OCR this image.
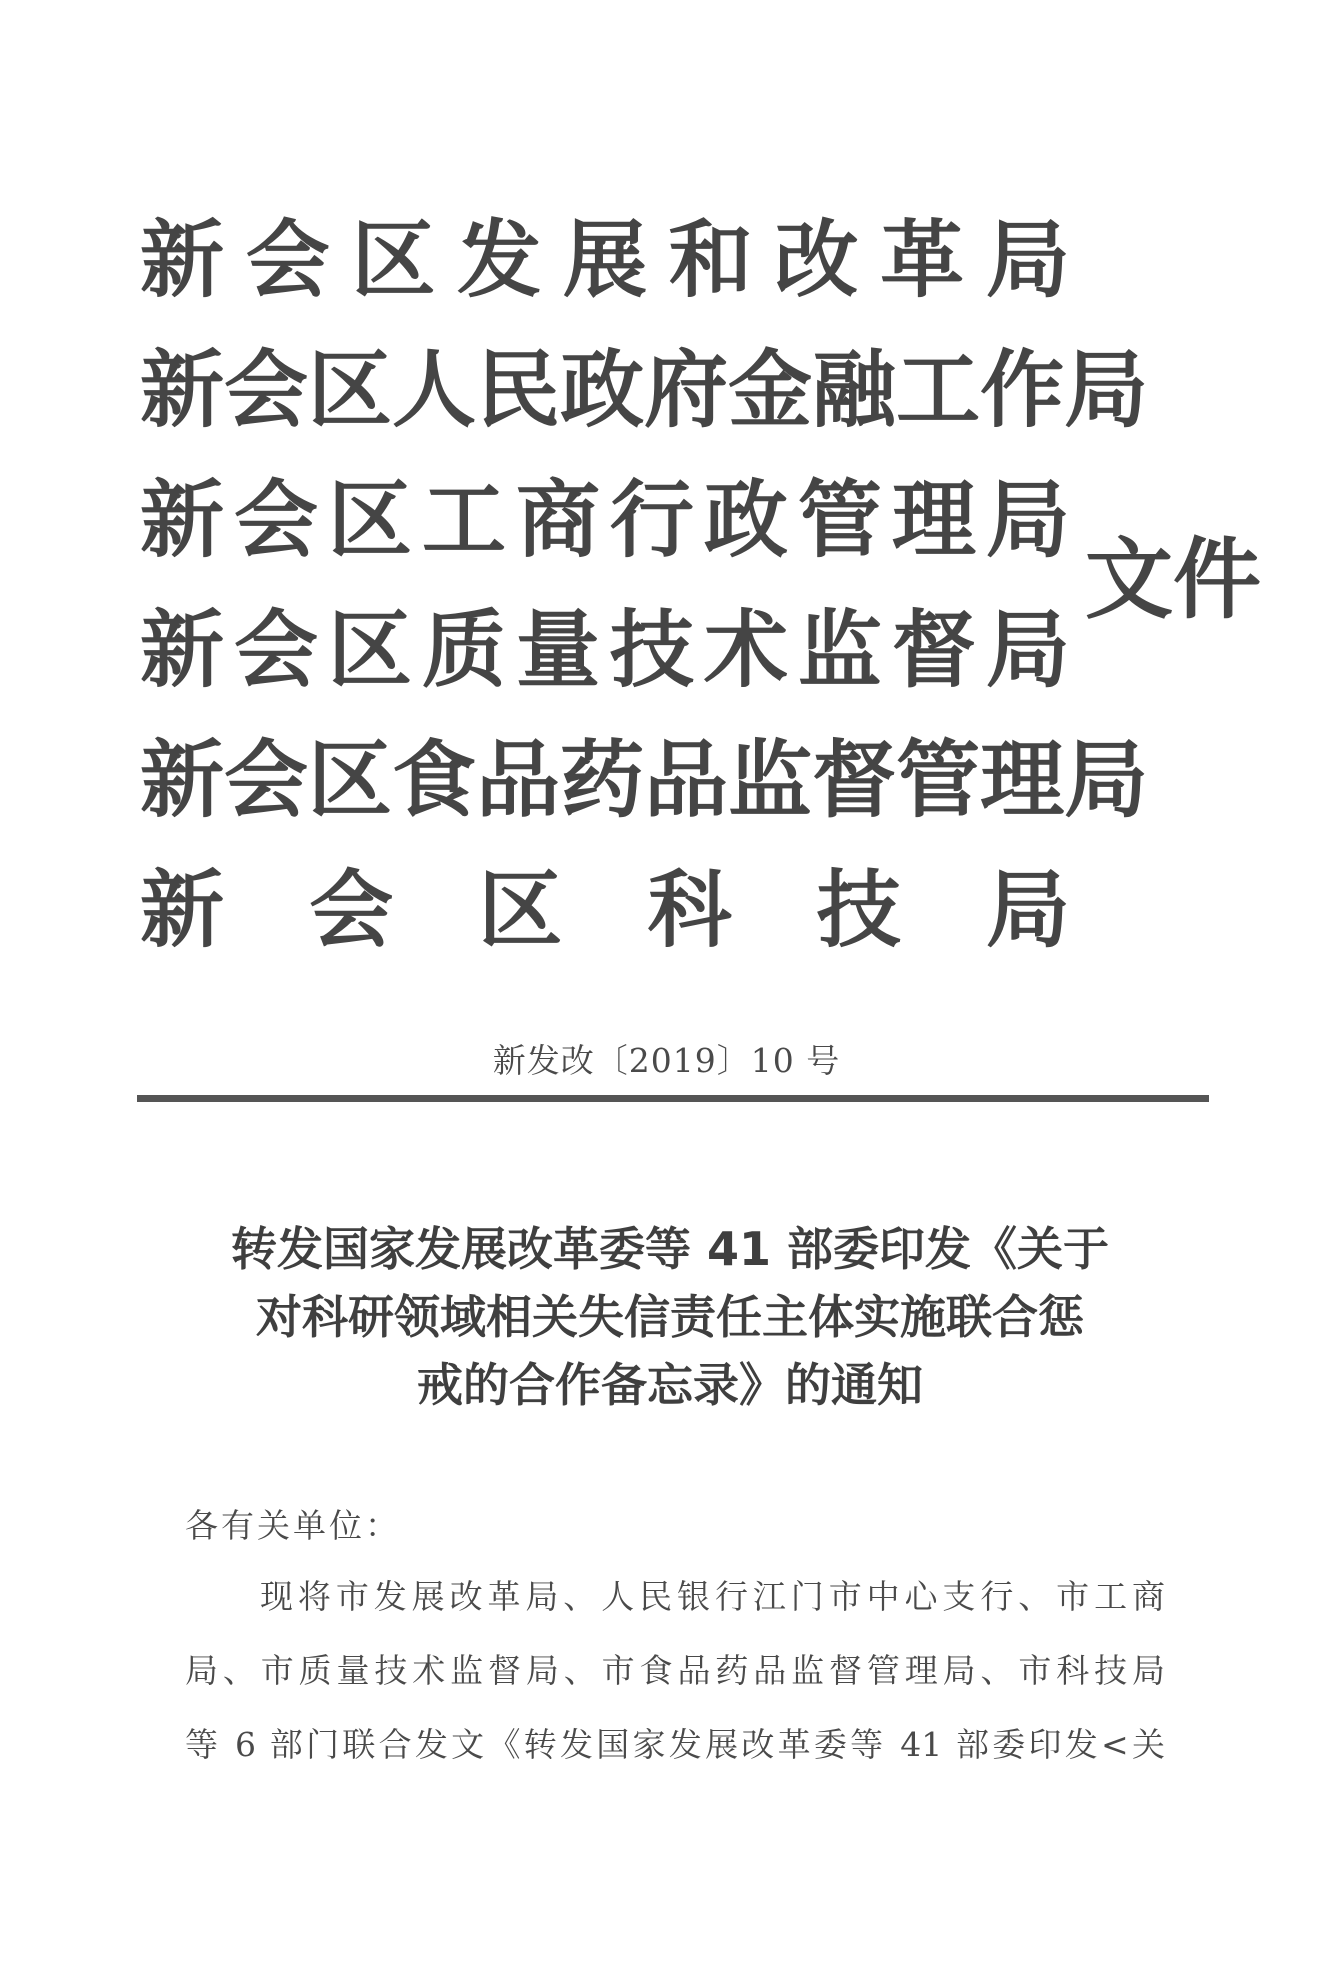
新 会 区 发 展 和 改 革 局
新 会 区 人 民 政 府 金 融 工 作 局
新 会 区 工 商 行 政 管 理 局
新 会 区 质 量 技 术 监 督 局
新 会 区 食 品 药 品 监 督 管 理 局
新 会 区 科 技 局
文件
新发改〔2019〕10 号
转发国家发展改革委等 41 部委印发《关于
对科研领域相关失信责任主体实施联合惩
戒的合作备忘录》的通知
各有关单位：
现将市发展改革局、人民银行江门市中心支行、市工商
局、市质量技术监督局、市食品药品监督管理局、市科技局
等 6 部门联合发文《转发国家发展改革委等 41 部委印发<关
